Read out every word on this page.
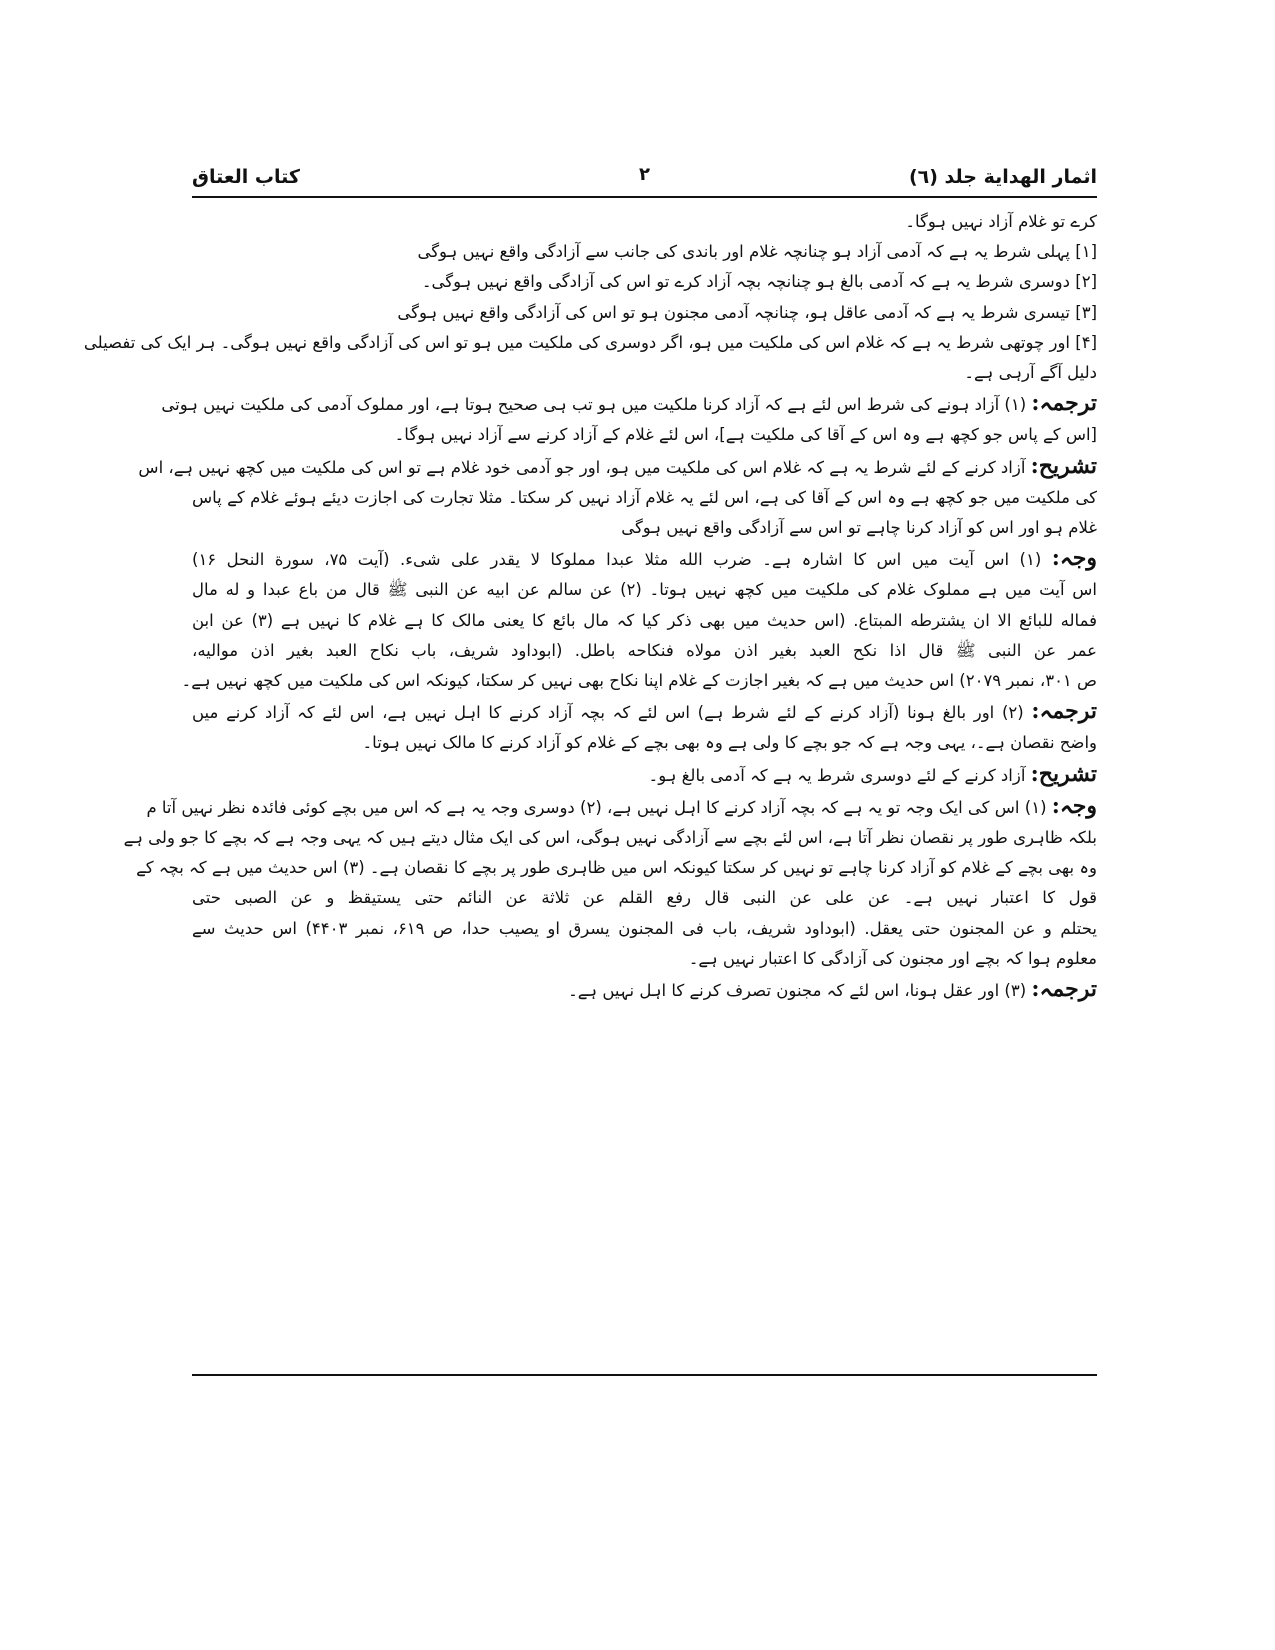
اثمار الهداية جلد (٦)
۲
كتاب العتاق
کرے تو غلام آزاد نہیں ہوگا۔
[۱] پہلی شرط یہ ہے کہ آدمی آزاد ہو چنانچہ غلام اور باندی کی جانب سے آزادگی واقع نہیں ہوگی
[۲] دوسری شرط یہ ہے کہ آدمی بالغ ہو چنانچہ بچہ آزاد کرے تو اس کی آزادگی واقع نہیں ہوگی۔
[۳] تیسری شرط یہ ہے کہ آدمی عاقل ہو، چنانچہ آدمی مجنون ہو تو اس کی آزادگی واقع نہیں ہوگی
[۴] اور چوتھی شرط یہ ہے کہ غلام اس کی ملکیت میں ہو، اگر دوسری کی ملکیت میں ہو تو اس کی آزادگی واقع نہیں ہوگی۔ ہر ایک کی تفصیلی
دلیل آگے آرہی ہے۔
ترجمہ: (۱) آزاد ہونے کی شرط اس لئے ہے کہ آزاد کرنا ملکیت میں ہو تب ہی صحیح ہوتا ہے، اور مملوک آدمی کی ملکیت نہیں ہوتی
[اس کے پاس جو کچھ ہے وہ اس کے آقا کی ملکیت ہے]، اس لئے غلام کے آزاد کرنے سے آزاد نہیں ہوگا۔
تشریح: آزاد کرنے کے لئے شرط یہ ہے کہ غلام اس کی ملکیت میں ہو، اور جو آدمی خود غلام ہے تو اس کی ملکیت میں کچھ نہیں ہے، اس
کی ملکیت میں جو کچھ ہے وہ اس کے آقا کی ہے، اس لئے یہ غلام آزاد نہیں کر سکتا۔ مثلا تجارت کی اجازت دیئے ہوئے غلام کے پاس
غلام ہو اور اس کو آزاد کرنا چاہے تو اس سے آزادگی واقع نہیں ہوگی
وجہ: (۱) اس آیت میں اس کا اشارہ ہے۔ ضرب الله مثلا عبدا مملوکا لا یقدر علی شیء. (آیت ۷۵، سورة النحل ۱۶)
اس آیت میں ہے مملوک غلام کی ملکیت میں کچھ نہیں ہوتا۔ (۲) عن سالم عن ابیه عن النبی ﷺ قال من باع عبدا و له مال
فماله للبائع الا ان یشترطه المبتاع. (اس حدیث میں بھی ذکر کیا کہ مال بائع کا یعنی مالک کا ہے غلام کا نہیں ہے (۳) عن ابن
عمر عن النبی ﷺ قال اذا نکح العبد بغیر اذن مولاه فنکاحه باطل. (ابوداود شریف، باب نکاح العبد بغیر اذن موالیه،
ص ۳۰۱، نمبر ۲۰۷۹) اس حدیث میں ہے کہ بغیر اجازت کے غلام اپنا نکاح بھی نہیں کر سکتا، کیونکہ اس کی ملکیت میں کچھ نہیں ہے۔
ترجمہ: (۲) اور بالغ ہونا (آزاد کرنے کے لئے شرط ہے) اس لئے کہ بچہ آزاد کرنے کا اہل نہیں ہے، اس لئے کہ آزاد کرنے میں
واضح نقصان ہے۔، یہی وجہ ہے کہ جو بچے کا ولی ہے وہ بھی بچے کے غلام کو آزاد کرنے کا مالک نہیں ہوتا۔
تشریح: آزاد کرنے کے لئے دوسری شرط یہ ہے کہ آدمی بالغ ہو۔
وجہ: (۱) اس کی ایک وجہ تو یہ ہے کہ بچہ آزاد کرنے کا اہل نہیں ہے، (۲) دوسری وجہ یہ ہے کہ اس میں بچے کوئی فائدہ نظر نہیں آتا م
بلکہ ظاہری طور پر نقصان نظر آتا ہے، اس لئے بچے سے آزادگی نہیں ہوگی، اس کی ایک مثال دیتے ہیں کہ یہی وجہ ہے کہ بچے کا جو ولی ہے
وہ بھی بچے کے غلام کو آزاد کرنا چاہے تو نہیں کر سکتا کیونکہ اس میں ظاہری طور پر بچے کا نقصان ہے۔ (۳) اس حدیث میں ہے کہ بچہ کے
قول کا اعتبار نہیں ہے۔ عن علی عن النبی قال رفع القلم عن ثلاثة عن النائم حتی یستیقظ و عن الصبی حتی
یحتلم و عن المجنون حتی یعقل. (ابوداود شریف، باب فی المجنون یسرق او یصیب حدا، ص ۶۱۹، نمبر ۴۴۰۳) اس حدیث سے
معلوم ہوا کہ بچے اور مجنون کی آزادگی کا اعتبار نہیں ہے۔
ترجمہ: (۳) اور عقل ہونا، اس لئے کہ مجنون تصرف کرنے کا اہل نہیں ہے۔
